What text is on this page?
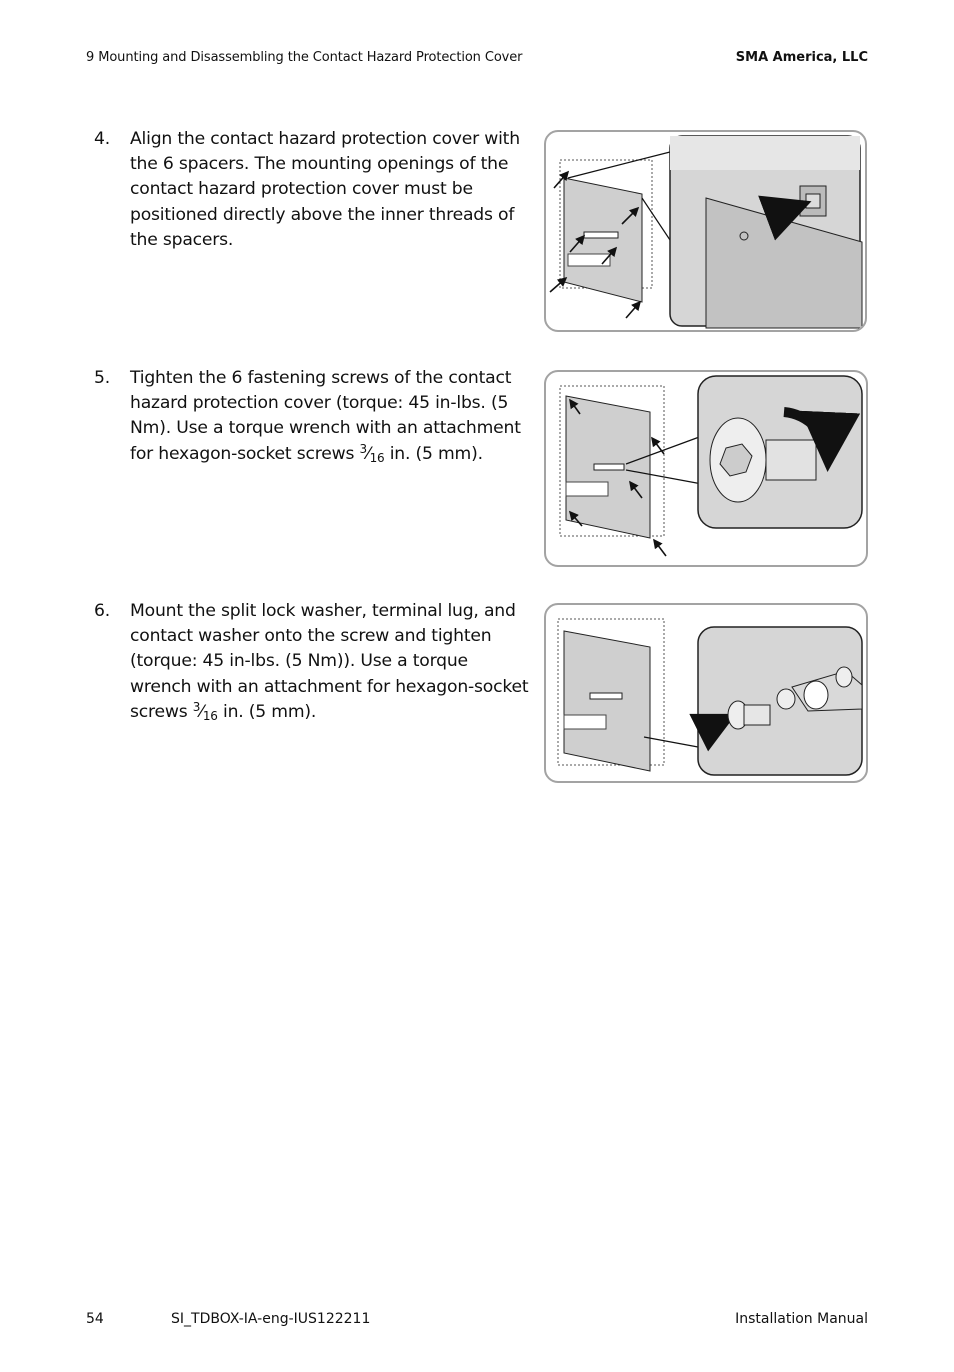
9 Mounting and Disassembling the Contact Hazard Protection Cover	SMA America, LLC
4.	Align the contact hazard protection cover with the 6 spacers. The mounting openings of the contact hazard protection cover must be positioned directly above the inner threads of the spacers.
5.	Tighten the 6 fastening screws of the contact hazard protection cover (torque: 45 in-lbs. (5 Nm). Use a torque wrench with an attachment for hexagon-socket screws $^3⁄_{16}$ in. (5 mm).
6.	Mount the split lock washer, terminal lug, and contact washer onto the screw and tighten (torque: 45 in-lbs. (5 Nm)). Use a torque wrench with an attachment for hexagon-socket screws $^3⁄_{16}$ in. (5 mm).
54	SI_TDBOX-IA-eng-IUS122211	Installation Manual
